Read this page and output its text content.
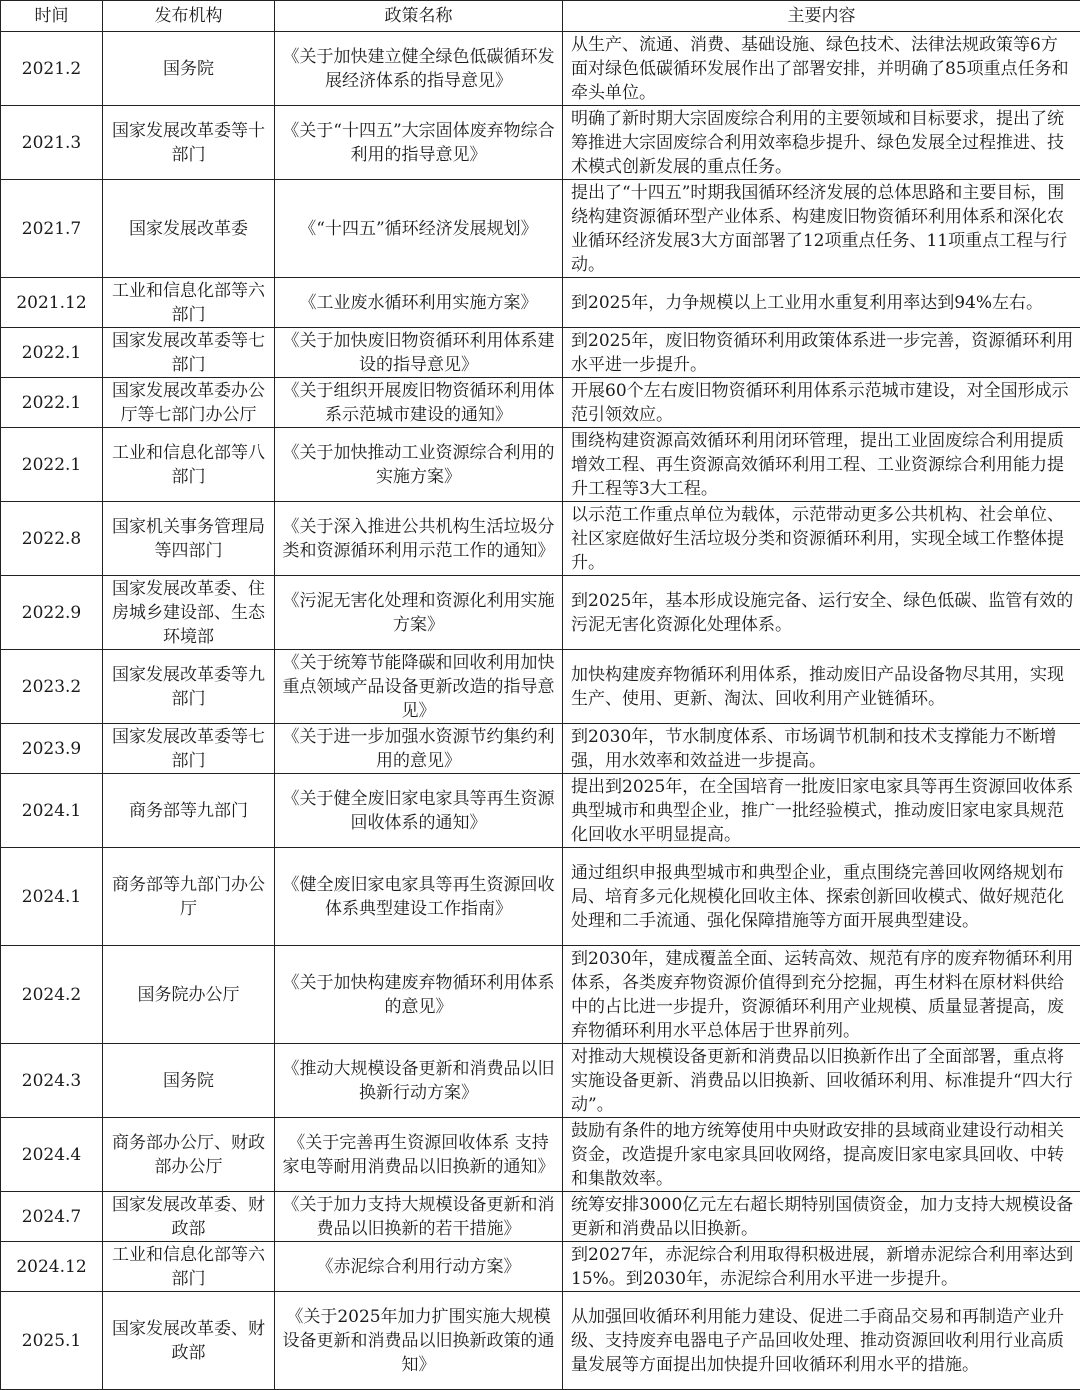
时间	发布机构	政策名称	主要内容
2021.2	国务院	《关于加快建立健全绿色低碳循环发展经济体系的指导意见》	从生产、流通、消费、基础设施、绿色技术、法律法规政策等6方面对绿色低碳循环发展作出了部署安排，并明确了85项重点任务和牵头单位。
2021.3	国家发展改革委等十部门	《关于“十四五”大宗固体废弃物综合利用的指导意见》	明确了新时期大宗固废综合利用的主要领域和目标要求，提出了统筹推进大宗固废综合利用效率稳步提升、绿色发展全过程推进、技术模式创新发展的重点任务。
2021.7	国家发展改革委	《“十四五”循环经济发展规划》	提出了“十四五”时期我国循环经济发展的总体思路和主要目标，围绕构建资源循环型产业体系、构建废旧物资循环利用体系和深化农业循环经济发展3大方面部署了12项重点任务、11项重点工程与行动。
2021.12	工业和信息化部等六部门	《工业废水循环利用实施方案》	到2025年，力争规模以上工业用水重复利用率达到94%左右。
2022.1	国家发展改革委等七部门	《关于加快废旧物资循环利用体系建设的指导意见》	到2025年，废旧物资循环利用政策体系进一步完善，资源循环利用水平进一步提升。
2022.1	国家发展改革委办公厅等七部门办公厅	《关于组织开展废旧物资循环利用体系示范城市建设的通知》	开展60个左右废旧物资循环利用体系示范城市建设，对全国形成示范引领效应。
2022.1	工业和信息化部等八部门	《关于加快推动工业资源综合利用的实施方案》	围绕构建资源高效循环利用闭环管理，提出工业固废综合利用提质增效工程、再生资源高效循环利用工程、工业资源综合利用能力提升工程等3大工程。
2022.8	国家机关事务管理局等四部门	《关于深入推进公共机构生活垃圾分类和资源循环利用示范工作的通知》	以示范工作重点单位为载体，示范带动更多公共机构、社会单位、社区家庭做好生活垃圾分类和资源循环利用，实现全域工作整体提升。
2022.9	国家发展改革委、住房城乡建设部、生态环境部	《污泥无害化处理和资源化利用实施方案》	到2025年，基本形成设施完备、运行安全、绿色低碳、监管有效的污泥无害化资源化处理体系。
2023.2	国家发展改革委等九部门	《关于统筹节能降碳和回收利用加快重点领域产品设备更新改造的指导意见》	加快构建废弃物循环利用体系，推动废旧产品设备物尽其用，实现生产、使用、更新、淘汰、回收利用产业链循环。
2023.9	国家发展改革委等七部门	《关于进一步加强水资源节约集约利用的意见》	到2030年，节水制度体系、市场调节机制和技术支撑能力不断增强，用水效率和效益进一步提高。
2024.1	商务部等九部门	《关于健全废旧家电家具等再生资源回收体系的通知》	提出到2025年，在全国培育一批废旧家电家具等再生资源回收体系典型城市和典型企业，推广一批经验模式，推动废旧家电家具规范化回收水平明显提高。
2024.1	商务部等九部门办公厅	《健全废旧家电家具等再生资源回收体系典型建设工作指南》	通过组织申报典型城市和典型企业，重点围绕完善回收网络规划布局、培育多元化规模化回收主体、探索创新回收模式、做好规范化处理和二手流通、强化保障措施等方面开展典型建设。
2024.2	国务院办公厅	《关于加快构建废弃物循环利用体系的意见》	到2030年，建成覆盖全面、运转高效、规范有序的废弃物循环利用体系，各类废弃物资源价值得到充分挖掘，再生材料在原材料供给中的占比进一步提升，资源循环利用产业规模、质量显著提高，废弃物循环利用水平总体居于世界前列。
2024.3	国务院	《推动大规模设备更新和消费品以旧换新行动方案》	对推动大规模设备更新和消费品以旧换新作出了全面部署，重点将实施设备更新、消费品以旧换新、回收循环利用、标准提升“四大行动”。
2024.4	商务部办公厅、财政部办公厅	《关于完善再生资源回收体系 支持家电等耐用消费品以旧换新的通知》	鼓励有条件的地方统筹使用中央财政安排的县域商业建设行动相关资金，改造提升家电家具回收网络，提高废旧家电家具回收、中转和集散效率。
2024.7	国家发展改革委、财政部	《关于加力支持大规模设备更新和消费品以旧换新的若干措施》	统筹安排3000亿元左右超长期特别国债资金，加力支持大规模设备更新和消费品以旧换新。
2024.12	工业和信息化部等六部门	《赤泥综合利用行动方案》	到2027年，赤泥综合利用取得积极进展，新增赤泥综合利用率达到15%。到2030年，赤泥综合利用水平进一步提升。
2025.1	国家发展改革委、财政部	《关于2025年加力扩围实施大规模设备更新和消费品以旧换新政策的通知》	从加强回收循环利用能力建设、促进二手商品交易和再制造产业升级、支持废弃电器电子产品回收处理、推动资源回收利用行业高质量发展等方面提出加快提升回收循环利用水平的措施。
